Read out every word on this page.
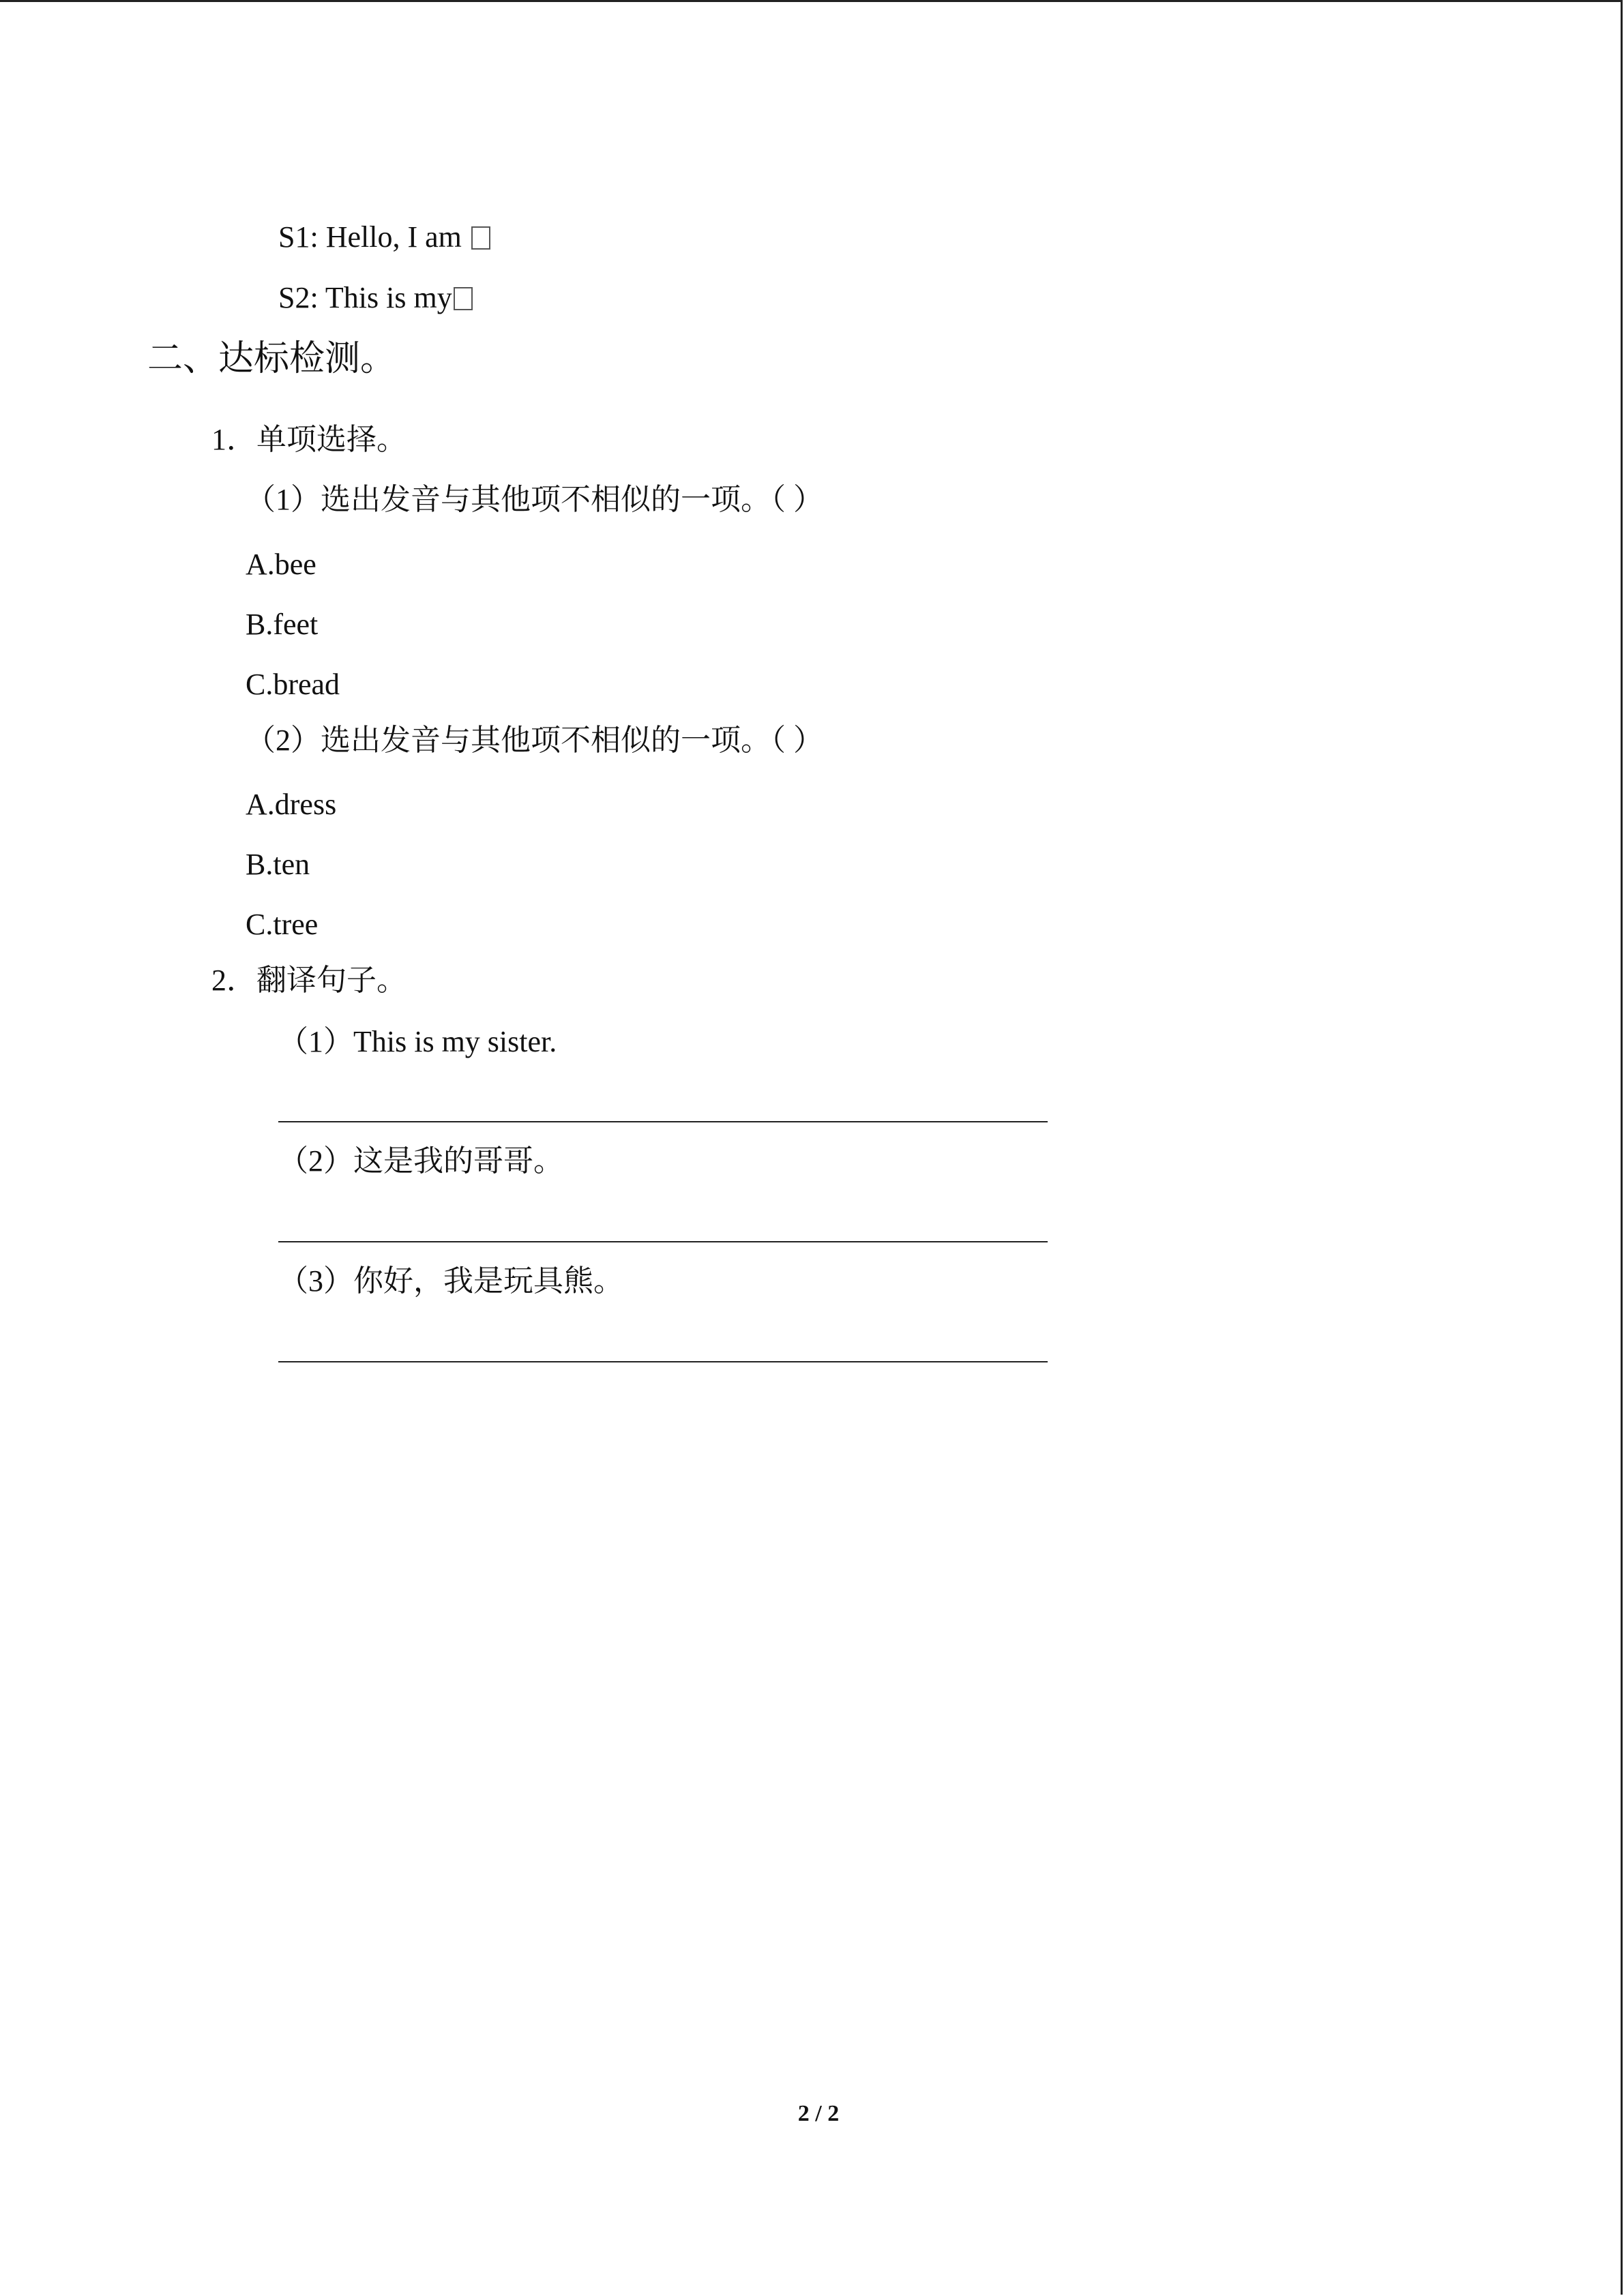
S1: Hello, I am
S2: This is my
二、达标检测。
1．单项选择。
（1）选出发音与其他项不相似的一项。（ ）
A.bee
B.feet
C.bread
（2）选出发音与其他项不相似的一项。（ ）
A.dress
B.ten
C.tree
2．翻译句子。
（1）This is my sister.
（2）这是我的哥哥。
（3）你好，我是玩具熊。
2 / 2
